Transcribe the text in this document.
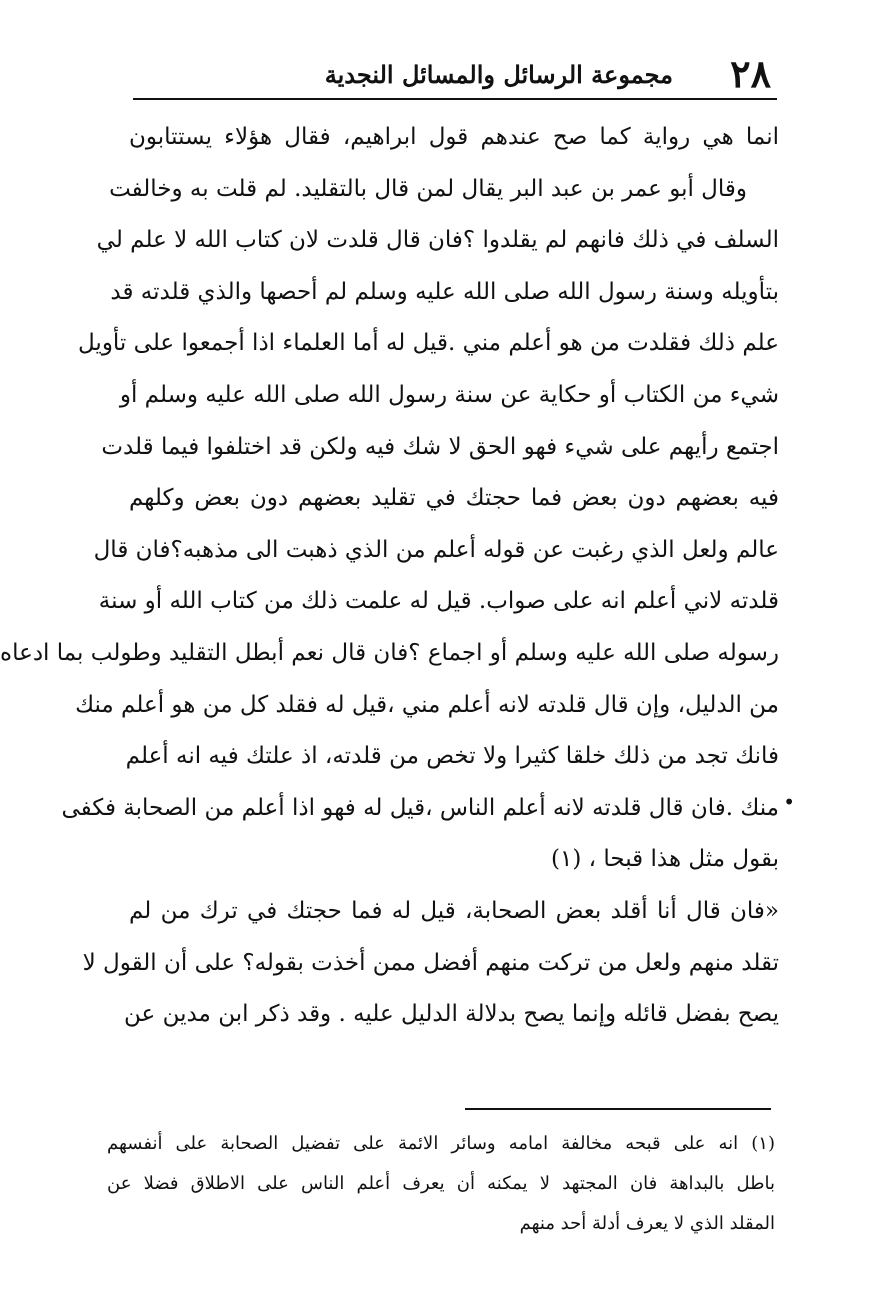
٢٨
مجموعة الرسائل والمسائل النجدية
انما هي رواية كما صح عندهم قول ابراهيم، فقال هؤلاء يستتابون
وقال أبو عمر بن عبد البر يقال لمن قال بالتقليد. لم قلت به وخالفت
السلف في ذلك فانهم لم يقلدوا ؟فان قال قلدت لان كتاب الله لا علم لي
بتأويله وسنة رسول الله صلى الله عليه وسلم لم أحصها والذي قلدته قد
علم ذلك فقلدت من هو أعلم مني .قيل له أما العلماء اذا أجمعوا على تأويل
شيء من الكتاب أو حكاية عن سنة رسول الله صلى الله عليه وسلم أو
اجتمع رأيهم على شيء فهو الحق لا شك فيه ولكن قد اختلفوا فيما قلدت
فيه بعضهم دون بعض فما حجتك في تقليد بعضهم دون بعض وكلهم
عالم ولعل الذي رغبت عن قوله أعلم من الذي ذهبت الى مذهبه؟فان قال
قلدته لاني أعلم انه على صواب. قيل له علمت ذلك من كتاب الله أو سنة
رسوله صلى الله عليه وسلم أو اجماع ؟فان قال نعم أبطل التقليد وطولب بما ادعاه
من الدليل، وإن قال قلدته لانه أعلم مني ،قيل له فقلد كل من هو أعلم منك
فانك تجد من ذلك خلقا كثيرا ولا تخص من قلدته، اذ علتك فيه انه أعلم
منك .فان قال قلدته لانه أعلم الناس ،قيل له فهو اذا أعلم من الصحابة فكفى
بقول مثل هذا قبحا ، (١)
«فان قال أنا أقلد بعض الصحابة، قيل له فما حجتك في ترك من لم
تقلد منهم ولعل من تركت منهم أفضل ممن أخذت بقوله؟ على أن القول لا
يصح بفضل قائله وإنما يصح بدلالة الدليل عليه . وقد ذكر ابن مدين عن
•
(١) انه على قبحه مخالفة امامه وسائر الائمة على تفضيل الصحابة على أنفسهم
باطل بالبداهة فان المجتهد لا يمكنه أن يعرف أعلم الناس على الاطلاق فضلا عن
المقلد الذي لا يعرف أدلة أحد منهم
